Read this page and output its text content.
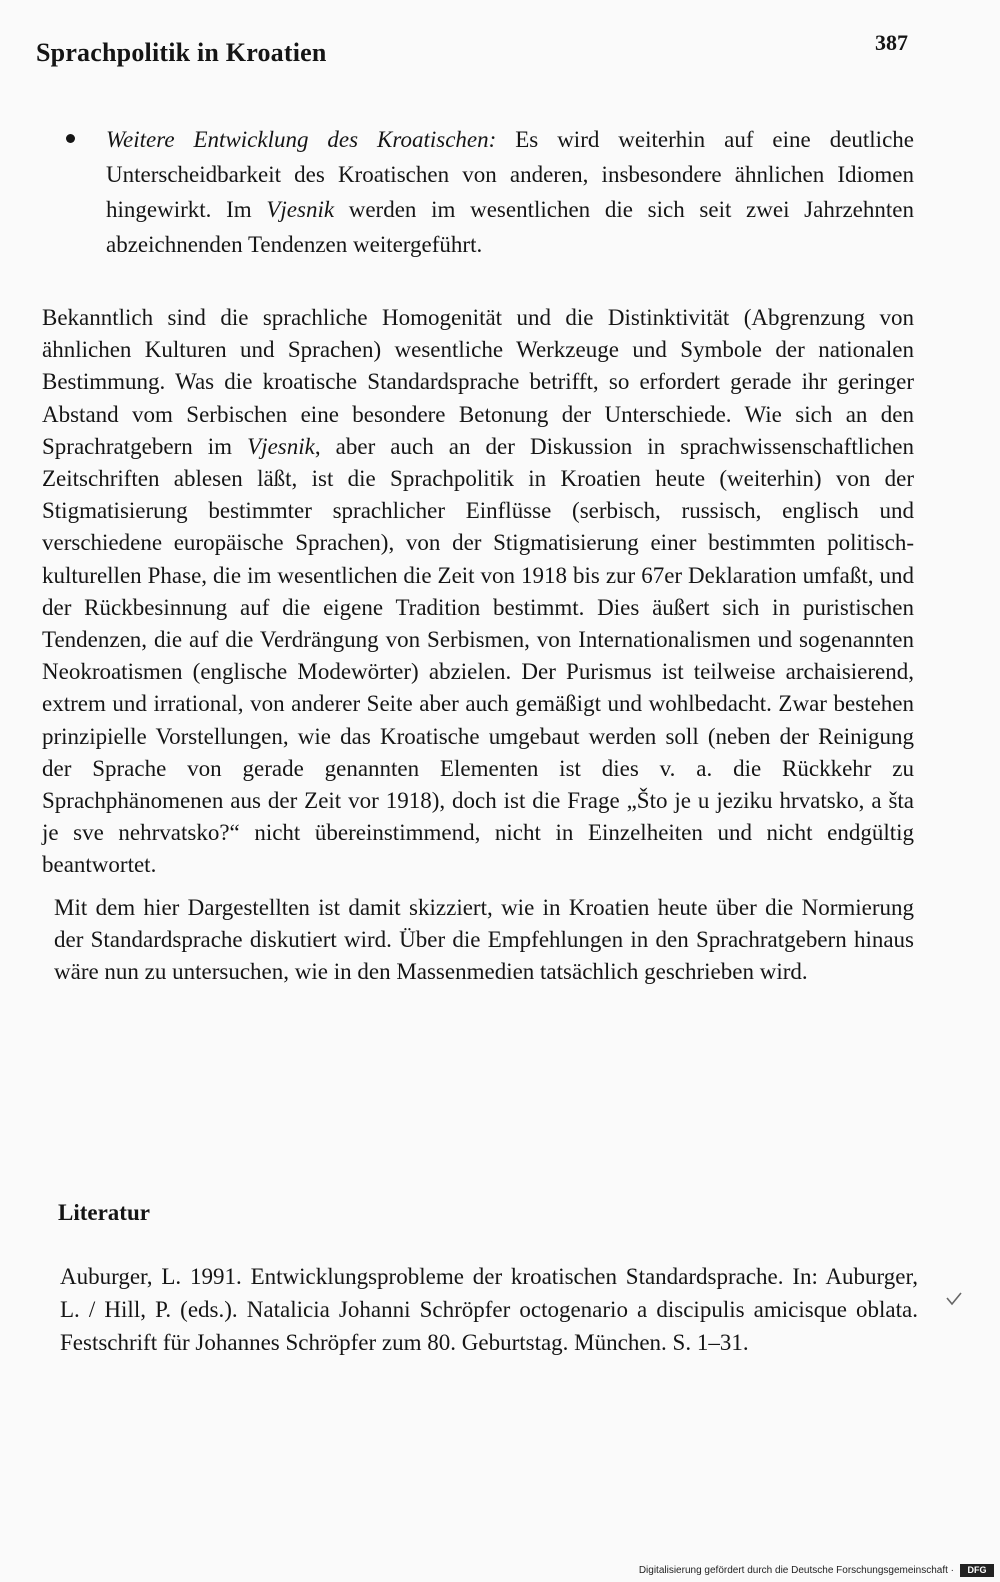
Sprachpolitik in Kroatien	387
Weitere Entwicklung des Kroatischen: Es wird weiterhin auf eine deutliche Unterscheidbarkeit des Kroatischen von anderen, insbesondere ähnlichen Idiomen hingewirkt. Im Vjesnik werden im wesentlichen die sich seit zwei Jahrzehnten abzeichnenden Tendenzen weitergeführt.

Bekanntlich sind die sprachliche Homogenität und die Distinktivität (Abgrenzung von ähnlichen Kulturen und Sprachen) wesentliche Werkzeuge und Symbole der nationalen Bestimmung. Was die kroatische Standardsprache betrifft, so erfordert gerade ihr geringer Abstand vom Serbischen eine besondere Betonung der Unterschiede. Wie sich an den Sprachratgebern im Vjesnik, aber auch an der Diskussion in sprachwissenschaftlichen Zeitschriften ablesen läßt, ist die Sprachpolitik in Kroatien heute (weiterhin) von der Stigmatisierung bestimmter sprachlicher Einflüsse (serbisch, russisch, englisch und verschiedene europäische Sprachen), von der Stigmatisierung einer bestimmten politisch-kulturellen Phase, die im wesentlichen die Zeit von 1918 bis zur 67er Deklaration umfaßt, und der Rückbesinnung auf die eigene Tradition bestimmt. Dies äußert sich in puristischen Tendenzen, die auf die Verdrängung von Serbismen, von Internationalismen und sogenannten Neokroatismen (englische Modewörter) abzielen. Der Purismus ist teilweise archaisierend, extrem und irrational, von anderer Seite aber auch gemäßigt und wohlbedacht. Zwar bestehen prinzipielle Vorstellungen, wie das Kroatische umgebaut werden soll (neben der Reinigung der Sprache von gerade genannten Elementen ist dies v. a. die Rückkehr zu Sprachphänomenen aus der Zeit vor 1918), doch ist die Frage „Što je u jeziku hrvatsko, a šta je sve nehrvatsko?“ nicht übereinstimmend, nicht in Einzelheiten und nicht endgültig beantwortet.

Mit dem hier Dargestellten ist damit skizziert, wie in Kroatien heute über die Normierung der Standardsprache diskutiert wird. Über die Empfehlungen in den Sprachratgebern hinaus wäre nun zu untersuchen, wie in den Massenmedien tatsächlich geschrieben wird.

Literatur
Auburger, L. 1991. Entwicklungsprobleme der kroatischen Standardsprache. In: Auburger, L. / Hill, P. (eds.). Natalicia Johanni Schröpfer octogenario a discipulis amicisque oblata. Festschrift für Johannes Schröpfer zum 80. Geburtstag. München. S. 1–31.
Digitalisierung gefördert durch die Deutsche Forschungsgemeinschaft ·	DFG
